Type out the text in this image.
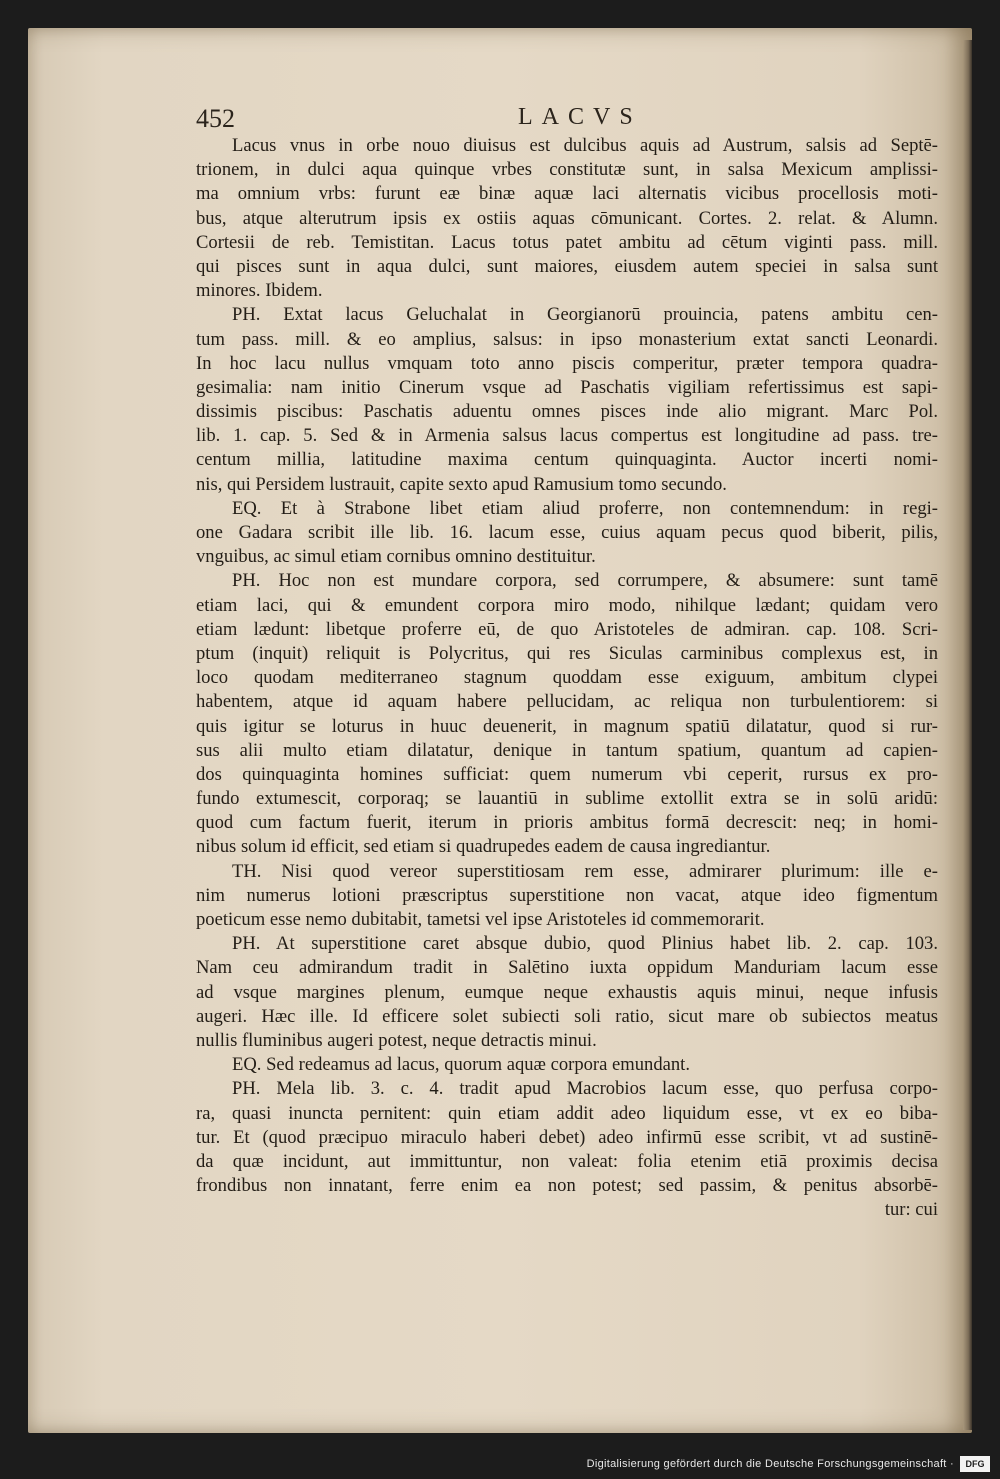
452	LACVS
Lacus vnus in orbe nouo diuisus est dulcibus aquis ad Austrum, salsis ad Septē-
trionem, in dulci aqua quinque vrbes constitutæ sunt, in salsa Mexicum amplissi-
ma omnium vrbs: furunt eæ binæ aquæ laci alternatis vicibus procellosis moti-
bus, atque alterutrum ipsis ex ostiis aquas cōmunicant. Cortes. 2. relat. & Alumn.
Cortesii de reb. Temistitan. Lacus totus patet ambitu ad cētum viginti pass. mill.
qui pisces sunt in aqua dulci, sunt maiores, eiusdem autem speciei in salsa sunt
minores. Ibidem.
PH. Extat lacus Geluchalat in Georgianorū prouincia, patens ambitu cen-
tum pass. mill. & eo amplius, salsus: in ipso monasterium extat sancti Leonardi.
In hoc lacu nullus vmquam toto anno piscis comperitur, præter tempora quadra-
gesimalia: nam initio Cinerum vsque ad Paschatis vigiliam refertissimus est sapi-
dissimis piscibus: Paschatis aduentu omnes pisces inde alio migrant. Marc Pol.
lib. 1. cap. 5. Sed & in Armenia salsus lacus compertus est longitudine ad pass. tre-
centum millia, latitudine maxima centum quinquaginta. Auctor incerti nomi-
nis, qui Persidem lustrauit, capite sexto apud Ramusium tomo secundo.
EQ. Et à Strabone libet etiam aliud proferre, non contemnendum: in regi-
one Gadara scribit ille lib. 16. lacum esse, cuius aquam pecus quod biberit, pilis,
vnguibus, ac simul etiam cornibus omnino destituitur.
PH. Hoc non est mundare corpora, sed corrumpere, & absumere: sunt tamē
etiam laci, qui & emundent corpora miro modo, nihilque lædant; quidam vero
etiam lædunt: libetque proferre eū, de quo Aristoteles de admiran. cap. 108. Scri-
ptum (inquit) reliquit is Polycritus, qui res Siculas carminibus complexus est, in
loco quodam mediterraneo stagnum quoddam esse exiguum, ambitum clypei
habentem, atque id aquam habere pellucidam, ac reliqua non turbulentiorem: si
quis igitur se loturus in huuc deuenerit, in magnum spatiū dilatatur, quod si rur-
sus alii multo etiam dilatatur, denique in tantum spatium, quantum ad capien-
dos quinquaginta homines sufficiat: quem numerum vbi ceperit, rursus ex pro-
fundo extumescit, corporaq; se lauantiū in sublime extollit extra se in solū aridū:
quod cum factum fuerit, iterum in prioris ambitus formā decrescit: neq; in homi-
nibus solum id efficit, sed etiam si quadrupedes eadem de causa ingrediantur.
TH. Nisi quod vereor superstitiosam rem esse, admirarer plurimum: ille e-
nim numerus lotioni præscriptus superstitione non vacat, atque ideo figmentum
poeticum esse nemo dubitabit, tametsi vel ipse Aristoteles id commemorarit.
PH. At superstitione caret absque dubio, quod Plinius habet lib. 2. cap. 103.
Nam ceu admirandum tradit in Salētino iuxta oppidum Manduriam lacum esse
ad vsque margines plenum, eumque neque exhaustis aquis minui, neque infusis
augeri. Hæc ille. Id efficere solet subiecti soli ratio, sicut mare ob subiectos meatus
nullis fluminibus augeri potest, neque detractis minui.
EQ. Sed redeamus ad lacus, quorum aquæ corpora emundant.
PH. Mela lib. 3. c. 4. tradit apud Macrobios lacum esse, quo perfusa corpo-
ra, quasi inuncta pernitent: quin etiam addit adeo liquidum esse, vt ex eo biba-
tur. Et (quod præcipuo miraculo haberi debet) adeo infirmū esse scribit, vt ad sustinē-
da quæ incidunt, aut immittuntur, non valeat: folia etenim etiā proximis decisa
frondibus non innatant, ferre enim ea non potest; sed passim, & penitus absorbē-
tur: cui
Digitalisierung gefördert durch die Deutsche Forschungsgemeinschaft ·	DFG
